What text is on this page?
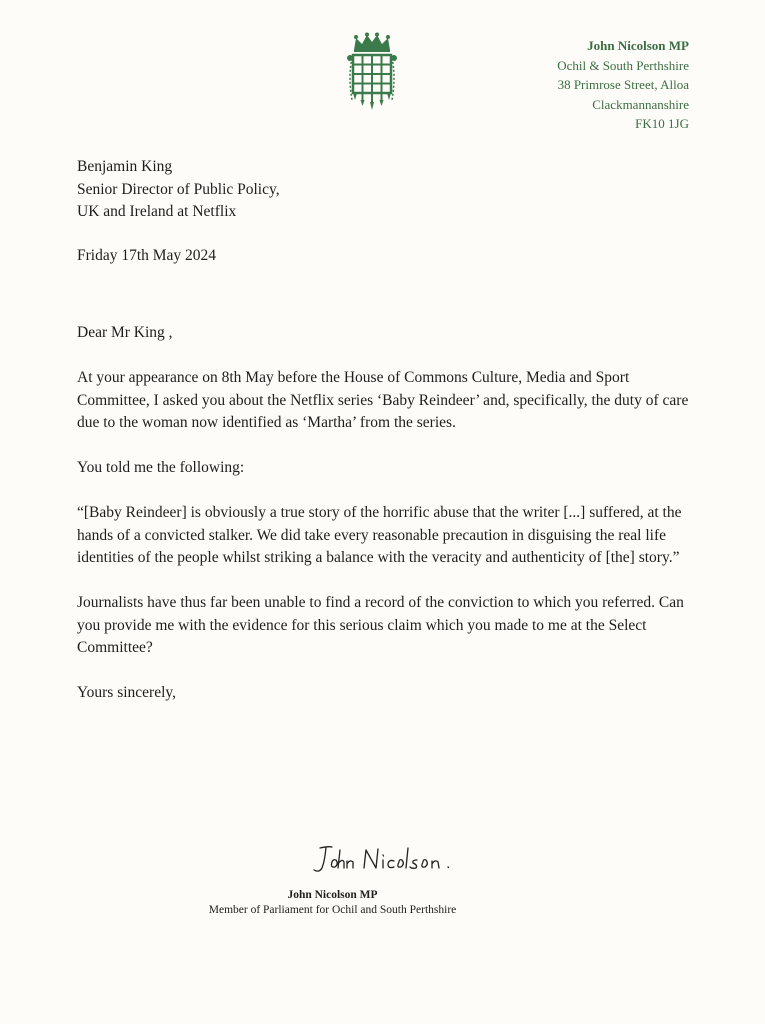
John Nicolson MP
Ochil & South Perthshire
38 Primrose Street, Alloa
Clackmannanshire
FK10 1JG
Benjamin King
Senior Director of Public Policy,
UK and Ireland at Netflix
Friday 17th May 2024

Dear Mr King ,

At your appearance on 8th May before the House of Commons Culture, Media and Sport Committee, I asked you about the Netflix series ‘Baby Reindeer’ and, specifically, the duty of care due to the woman now identified as ‘Martha’ from the series.

You told me the following:

“[Baby Reindeer] is obviously a true story of the horrific abuse that the writer [...] suffered, at the hands of a convicted stalker. We did take every reasonable precaution in disguising the real life identities of the people whilst striking a balance with the veracity and authenticity of [the] story.”

Journalists have thus far been unable to find a record of the conviction to which you referred. Can you provide me with the evidence for this serious claim which you made to me at the Select Committee?

Yours sincerely,

John Nicolson MP
Member of Parliament for Ochil and South Perthshire
